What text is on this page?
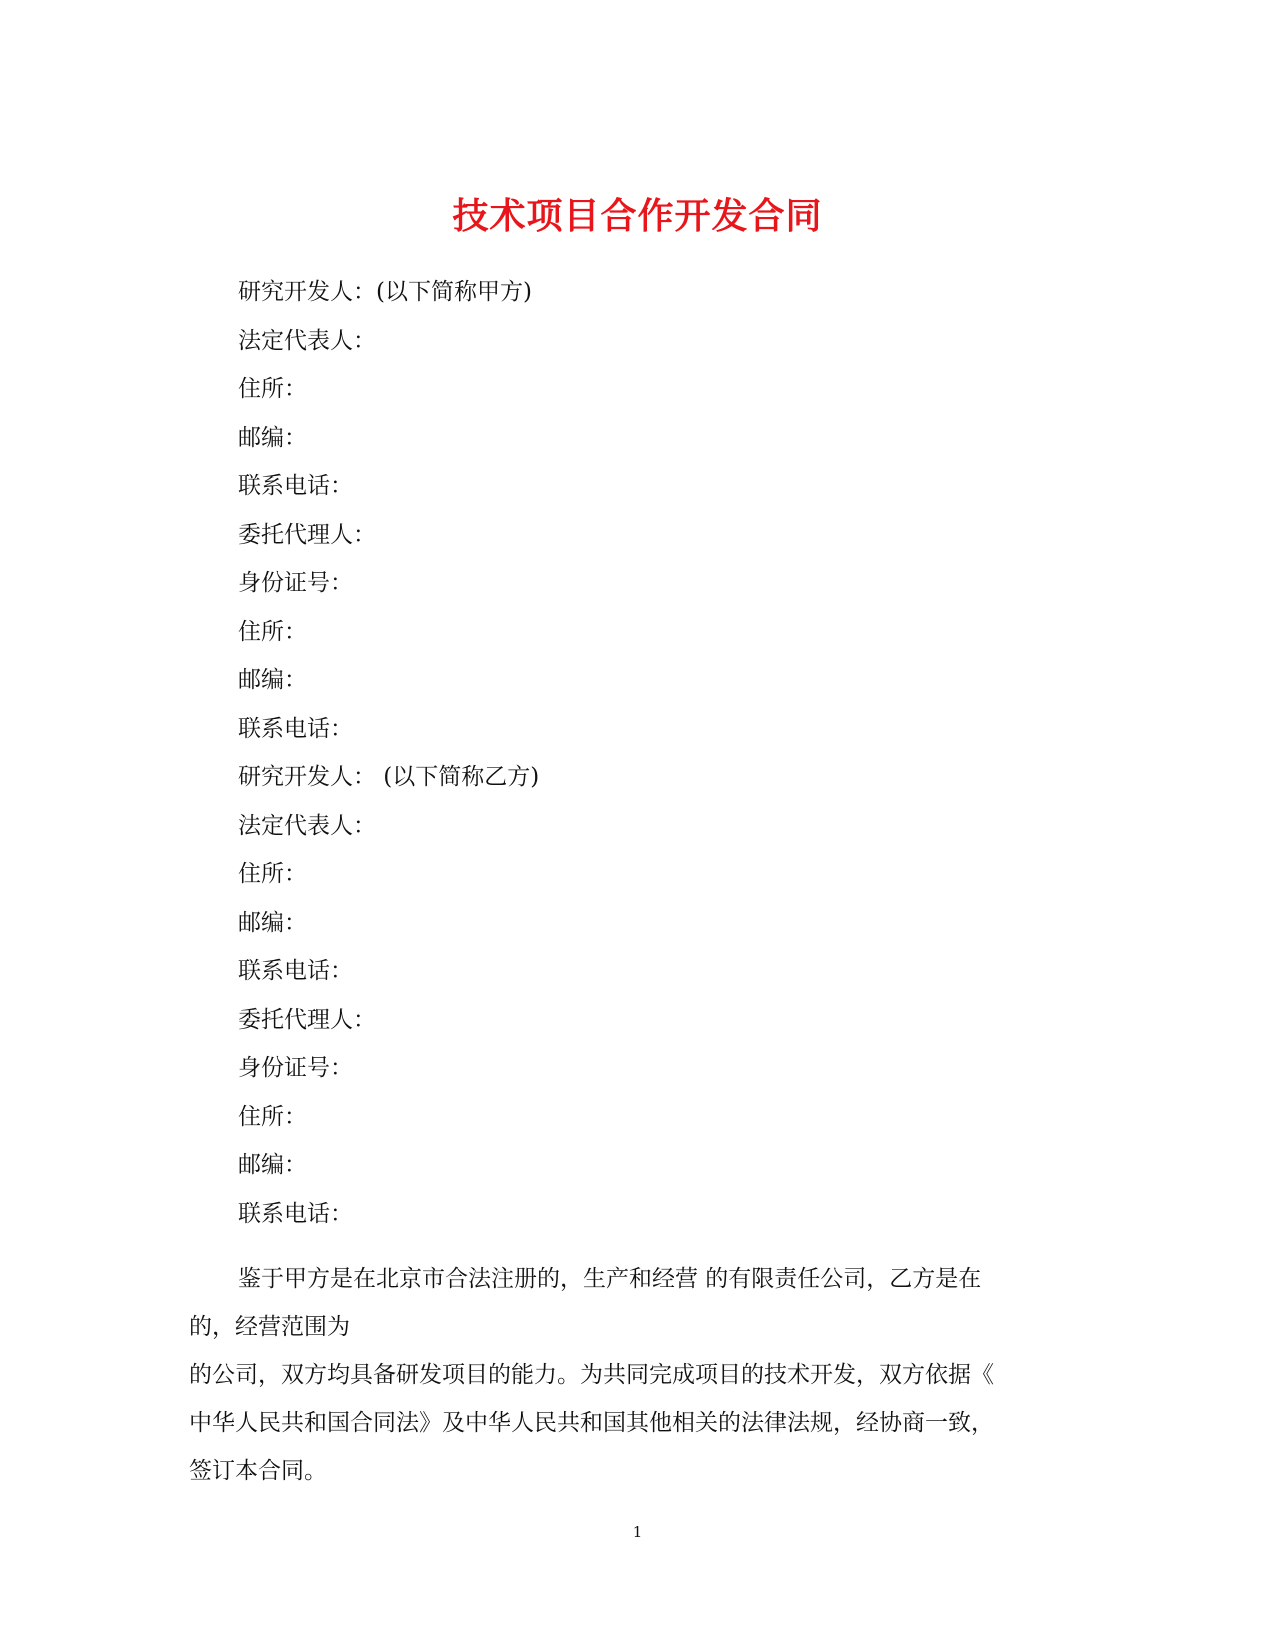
技术项目合作开发合同
研究开发人：(以下简称甲方)
法定代表人：
住所：
邮编：
联系电话：
委托代理人：
身份证号：
住所：
邮编：
联系电话：
研究开发人： (以下简称乙方)
法定代表人：
住所：
邮编：
联系电话：
委托代理人：
身份证号：
住所：
邮编：
联系电话：
鉴于甲方是在北京市合法注册的，生产和经营 的有限责任公司，乙方是在
的，经营范围为
的公司，双方均具备研发项目的能力。为共同完成项目的技术开发，双方依据《
中华人民共和国合同法》及中华人民共和国其他相关的法律法规，经协商一致，
签订本合同。
1
